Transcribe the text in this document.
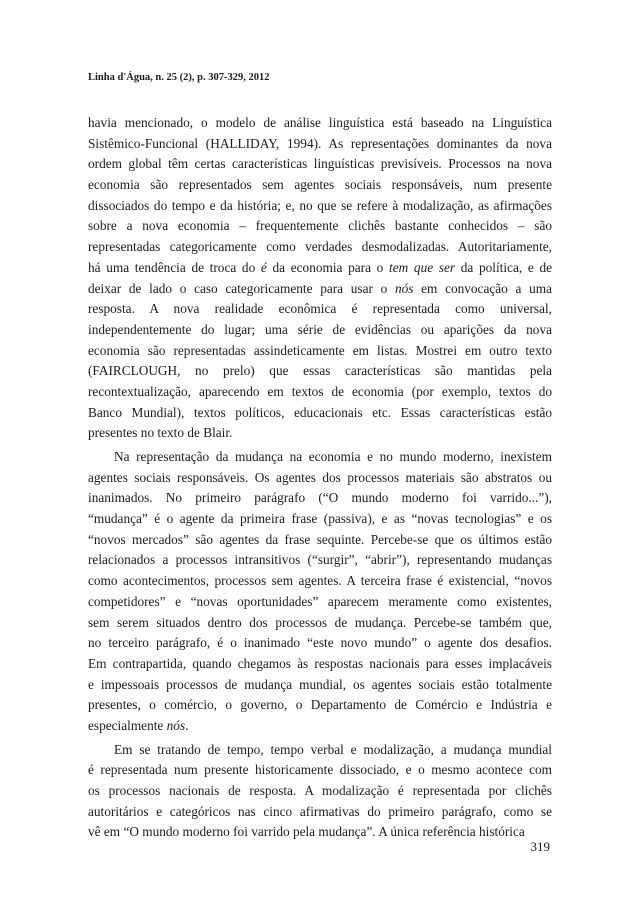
Linha d'Água, n. 25 (2), p. 307-329, 2012
havia mencionado, o modelo de análise linguística está baseado na Linguística
Sistêmico-Funcional (HALLIDAY, 1994). As representações dominantes da nova
ordem global têm certas características linguísticas previsíveis. Processos na nova
economia são representados sem agentes sociais responsáveis, num presente
dissociados do tempo e da história; e, no que se refere à modalização, as afirmações
sobre a nova economia – frequentemente clichês bastante conhecidos – são
representadas categoricamente como verdades desmodalizadas. Autoritariamente,
há uma tendência de troca do é da economia para o tem que ser da política, e de
deixar de lado o caso categoricamente para usar o nós em convocação a uma
resposta. A nova realidade econômica é representada como universal,
independentemente do lugar; uma série de evidências ou aparições da nova
economia são representadas assindeticamente em listas. Mostrei em outro texto
(FAIRCLOUGH, no prelo) que essas características são mantidas pela
recontextualização, aparecendo em textos de economia (por exemplo, textos do
Banco Mundial), textos políticos, educacionais etc. Essas características estão
presentes no texto de Blair.
Na representação da mudança na economia e no mundo moderno, inexistem
agentes sociais responsáveis. Os agentes dos processos materiais são abstratos ou
inanimados. No primeiro parágrafo (“O mundo moderno foi varrido...”),
“mudança” é o agente da primeira frase (passiva), e as “novas tecnologias” e os
“novos mercados” são agentes da frase sequinte. Percebe-se que os últimos estão
relacionados a processos intransitivos (“surgir”, “abrir”), representando mudanças
como acontecimentos, processos sem agentes. A terceira frase é existencial, “novos
competidores” e “novas oportunidades” aparecem meramente como existentes,
sem serem situados dentro dos processos de mudança. Percebe-se também que,
no terceiro parágrafo, é o inanimado “este novo mundo” o agente dos desafios.
Em contrapartida, quando chegamos às respostas nacionais para esses implacáveis
e impessoais processos de mudança mundial, os agentes sociais estão totalmente
presentes, o comércio, o governo, o Departamento de Comércio e Indústria e
especialmente nós.
Em se tratando de tempo, tempo verbal e modalização, a mudança mundial
é representada num presente historicamente dissociado, e o mesmo acontece com
os processos nacionais de resposta. A modalização é representada por clichês
autoritários e categóricos nas cinco afirmativas do primeiro parágrafo, como se
vê em “O mundo moderno foi varrido pela mudança”. A única referência histórica
319
